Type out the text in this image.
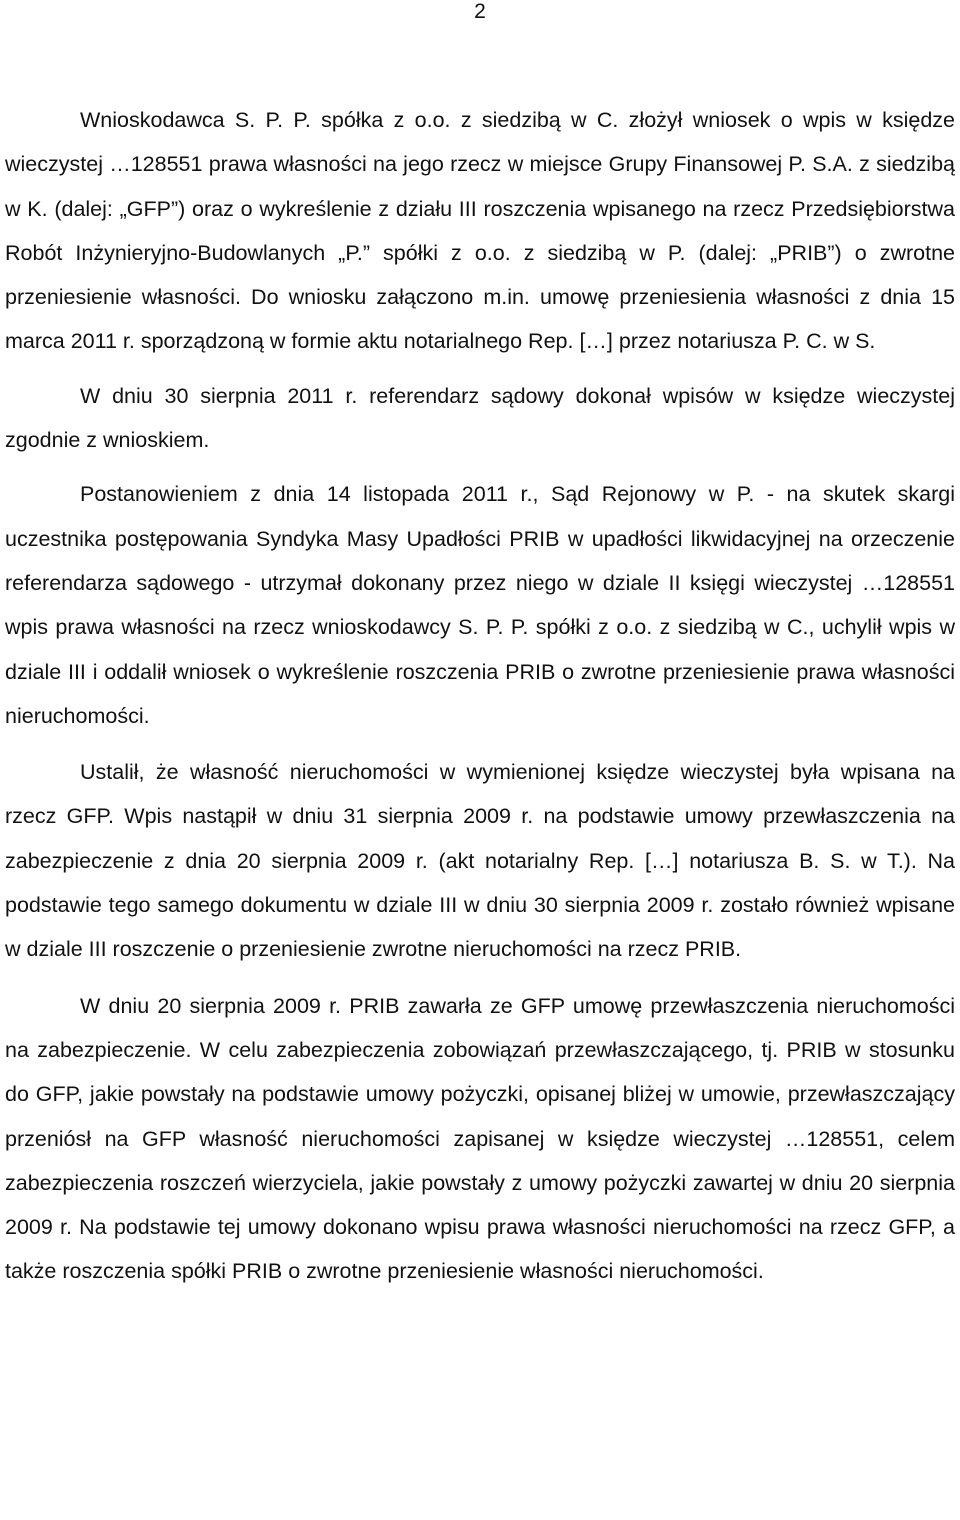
2

Wnioskodawca S. P. P. spółka z o.o. z siedzibą w C. złożył wniosek o wpis w księdze wieczystej …128551 prawa własności na jego rzecz w miejsce Grupy Finansowej P. S.A. z siedzibą w K. (dalej: „GFP”) oraz o wykreślenie z działu III roszczenia wpisanego na rzecz Przedsiębiorstwa Robót Inżynieryjno-Budowlanych „P.” spółki z o.o. z siedzibą w P. (dalej: „PRIB”) o zwrotne przeniesienie własności. Do wniosku załączono m.in. umowę przeniesienia własności z dnia 15 marca 2011 r. sporządzoną w formie aktu notarialnego Rep. […] przez notariusza P. C. w S.

W dniu 30 sierpnia 2011 r. referendarz sądowy dokonał wpisów w księdze wieczystej zgodnie z wnioskiem.

Postanowieniem z dnia 14 listopada 2011 r., Sąd Rejonowy w P. - na skutek skargi uczestnika postępowania Syndyka Masy Upadłości PRIB w upadłości likwidacyjnej na orzeczenie referendarza sądowego - utrzymał dokonany przez niego w dziale II księgi wieczystej …128551 wpis prawa własności na rzecz wnioskodawcy S. P. P. spółki z o.o. z siedzibą w C., uchylił wpis w dziale III i oddalił wniosek o wykreślenie roszczenia PRIB o zwrotne przeniesienie prawa własności nieruchomości.

Ustalił, że własność nieruchomości w wymienionej księdze wieczystej była wpisana na rzecz GFP. Wpis nastąpił w dniu 31 sierpnia 2009 r. na podstawie umowy przewłaszczenia na zabezpieczenie z dnia 20 sierpnia 2009 r. (akt notarialny Rep. […] notariusza B. S. w T.). Na podstawie tego samego dokumentu w dziale III w dniu 30 sierpnia 2009 r. zostało również wpisane w dziale III roszczenie o przeniesienie zwrotne nieruchomości na rzecz PRIB.

W dniu 20 sierpnia 2009 r. PRIB zawarła ze GFP umowę przewłaszczenia nieruchomości na zabezpieczenie. W celu zabezpieczenia zobowiązań przewłaszczającego, tj. PRIB w stosunku do GFP, jakie powstały na podstawie umowy pożyczki, opisanej bliżej w umowie, przewłaszczający przeniósł na GFP własność nieruchomości zapisanej w księdze wieczystej …128551, celem zabezpieczenia roszczeń wierzyciela, jakie powstały z umowy pożyczki zawartej w dniu 20 sierpnia 2009 r. Na podstawie tej umowy dokonano wpisu prawa własności nieruchomości na rzecz GFP, a także roszczenia spółki PRIB o zwrotne przeniesienie własności nieruchomości.
